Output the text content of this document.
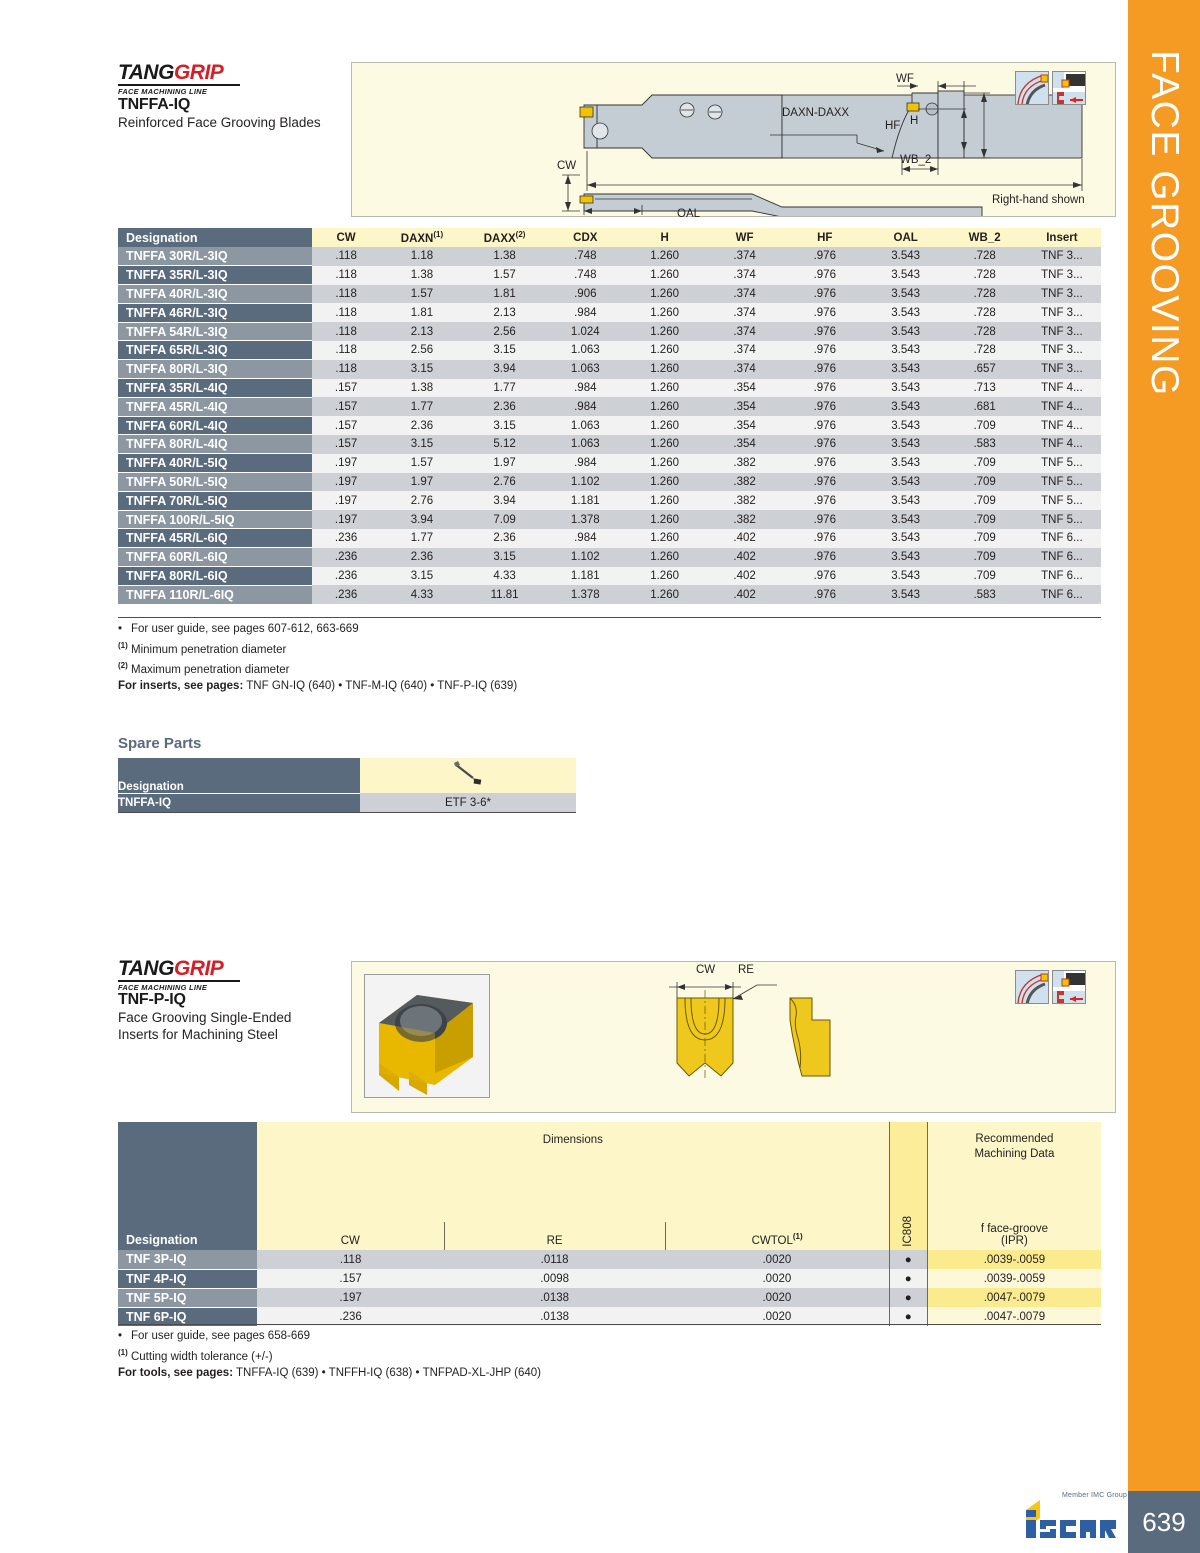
FACE GROOVING
639
Member IMC Group
TANGGRIP
FACE MACHINING LINE
TNFFA-IQ
Reinforced Face Grooving Blades
CW
OAL
DAXN-DAXX
WF
H
HF
WB_2
Right-hand shown
Designation	CW	DAXN$^{(1)}$	DAXX$^{(2)}$	CDX	H	WF	HF	OAL	WB_2	Insert
TNFFA 30R/L-3IQ	.118	1.18	1.38	.748	1.260	.374	.976	3.543	.728	TNF 3...
TNFFA 35R/L-3IQ	.118	1.38	1.57	.748	1.260	.374	.976	3.543	.728	TNF 3...
TNFFA 40R/L-3IQ	.118	1.57	1.81	.906	1.260	.374	.976	3.543	.728	TNF 3...
TNFFA 46R/L-3IQ	.118	1.81	2.13	.984	1.260	.374	.976	3.543	.728	TNF 3...
TNFFA 54R/L-3IQ	.118	2.13	2.56	1.024	1.260	.374	.976	3.543	.728	TNF 3...
TNFFA 65R/L-3IQ	.118	2.56	3.15	1.063	1.260	.374	.976	3.543	.728	TNF 3...
TNFFA 80R/L-3IQ	.118	3.15	3.94	1.063	1.260	.374	.976	3.543	.657	TNF 3...
TNFFA 35R/L-4IQ	.157	1.38	1.77	.984	1.260	.354	.976	3.543	.713	TNF 4...
TNFFA 45R/L-4IQ	.157	1.77	2.36	.984	1.260	.354	.976	3.543	.681	TNF 4...
TNFFA 60R/L-4IQ	.157	2.36	3.15	1.063	1.260	.354	.976	3.543	.709	TNF 4...
TNFFA 80R/L-4IQ	.157	3.15	5.12	1.063	1.260	.354	.976	3.543	.583	TNF 4...
TNFFA 40R/L-5IQ	.197	1.57	1.97	.984	1.260	.382	.976	3.543	.709	TNF 5...
TNFFA 50R/L-5IQ	.197	1.97	2.76	1.102	1.260	.382	.976	3.543	.709	TNF 5...
TNFFA 70R/L-5IQ	.197	2.76	3.94	1.181	1.260	.382	.976	3.543	.709	TNF 5...
TNFFA 100R/L-5IQ	.197	3.94	7.09	1.378	1.260	.382	.976	3.543	.709	TNF 5...
TNFFA 45R/L-6IQ	.236	1.77	2.36	.984	1.260	.402	.976	3.543	.709	TNF 6...
TNFFA 60R/L-6IQ	.236	2.36	3.15	1.102	1.260	.402	.976	3.543	.709	TNF 6...
TNFFA 80R/L-6IQ	.236	3.15	4.33	1.181	1.260	.402	.976	3.543	.709	TNF 6...
TNFFA 110R/L-6IQ	.236	4.33	11.81	1.378	1.260	.402	.976	3.543	.583	TNF 6...
• For user guide, see pages 607-612, 663-669
$^{(1)}$ Minimum penetration diameter
$^{(2)}$ Maximum penetration diameter
For inserts, see pages: TNF GN-IQ (640) • TNF-M-IQ (640) • TNF-P-IQ (639)
Spare Parts
Designation	
TNFFA-IQ	ETF 3-6*
TANGGRIP
FACE MACHINING LINE
TNF-P-IQ
Face Grooving Single-Ended
Inserts for Machining Steel
CW RE
	Dimensions			IC808	Recommended
Machining Data
Designation	CW	RE	CWTOL$^{(1)}$		f face-groove
(IPR)
TNF 3P-IQ	.118	.0118	.0020	●	.0039-.0059
TNF 4P-IQ	.157	.0098	.0020	●	.0039-.0059
TNF 5P-IQ	.197	.0138	.0020	●	.0047-.0079
TNF 6P-IQ	.236	.0138	.0020	●	.0047-.0079
• For user guide, see pages 658-669
$^{(1)}$ Cutting width tolerance (+/-)
For tools, see pages: TNFFA-IQ (639) • TNFFH-IQ (638) • TNFPAD-XL-JHP (640)
